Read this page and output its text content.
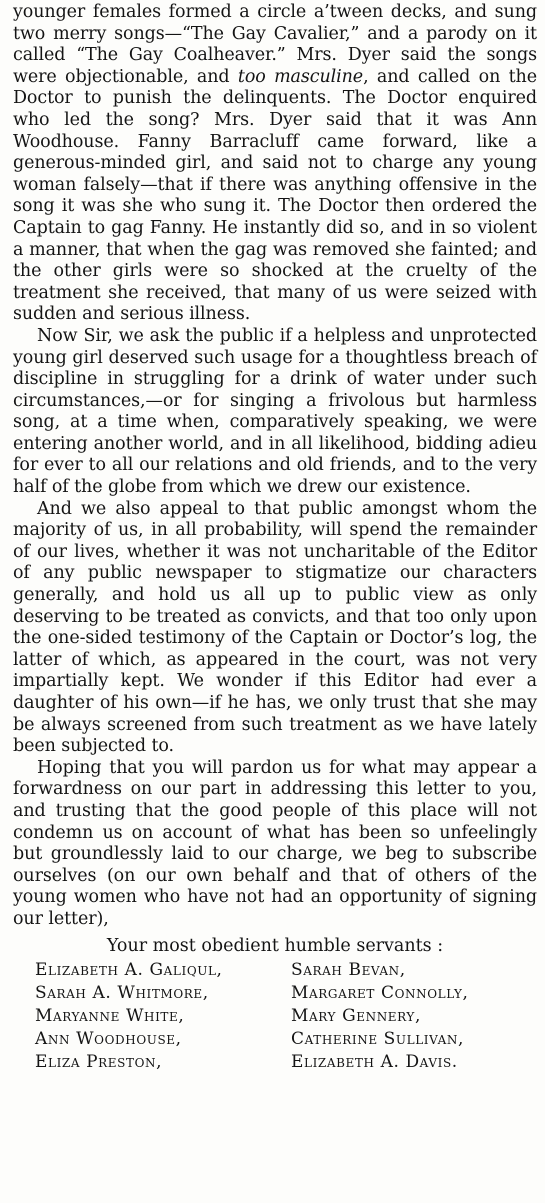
younger females formed a circle a’tween decks, and sung two merry songs—“The Gay Cavalier,” and a parody on it called “The Gay Coalheaver.” Mrs. Dyer said the songs were objectionable, and too masculine, and called on the Doctor to punish the delinquents. The Doctor enquired who led the song? Mrs. Dyer said that it was Ann Woodhouse. Fanny Barracluff came forward, like a generous-minded girl, and said not to charge any young woman falsely—that if there was anything offensive in the song it was she who sung it. The Doctor then ordered the Captain to gag Fanny. He instantly did so, and in so violent a manner, that when the gag was removed she fainted; and the other girls were so shocked at the cruelty of the treatment she received, that many of us were seized with sudden and serious illness.

Now Sir, we ask the public if a helpless and unprotected young girl deserved such usage for a thoughtless breach of discipline in struggling for a drink of water under such circumstances,—or for singing a frivolous but harmless song, at a time when, comparatively speaking, we were entering another world, and in all likelihood, bidding adieu for ever to all our relations and old friends, and to the very half of the globe from which we drew our existence.

And we also appeal to that public amongst whom the majority of us, in all probability, will spend the remainder of our lives, whether it was not uncharitable of the Editor of any public newspaper to stigmatize our characters generally, and hold us all up to public view as only deserving to be treated as convicts, and that too only upon the one-sided testimony of the Captain or Doctor’s log, the latter of which, as appeared in the court, was not very impartially kept. We wonder if this Editor had ever a daughter of his own—if he has, we only trust that she may be always screened from such treatment as we have lately been subjected to.

Hoping that you will pardon us for what may appear a forwardness on our part in addressing this letter to you, and trusting that the good people of this place will not condemn us on account of what has been so unfeelingly but groundlessly laid to our charge, we beg to subscribe ourselves (on our own behalf and that of others of the young women who have not had an opportunity of signing our letter),

Your most obedient humble servants :
Elizabeth A. Galiqul,	Sarah Bevan,
Sarah A. Whitmore,	Margaret Connolly,
Maryanne White,	Mary Gennery,
Ann Woodhouse,	Catherine Sullivan,
Eliza Preston,	Elizabeth A. Davis.
